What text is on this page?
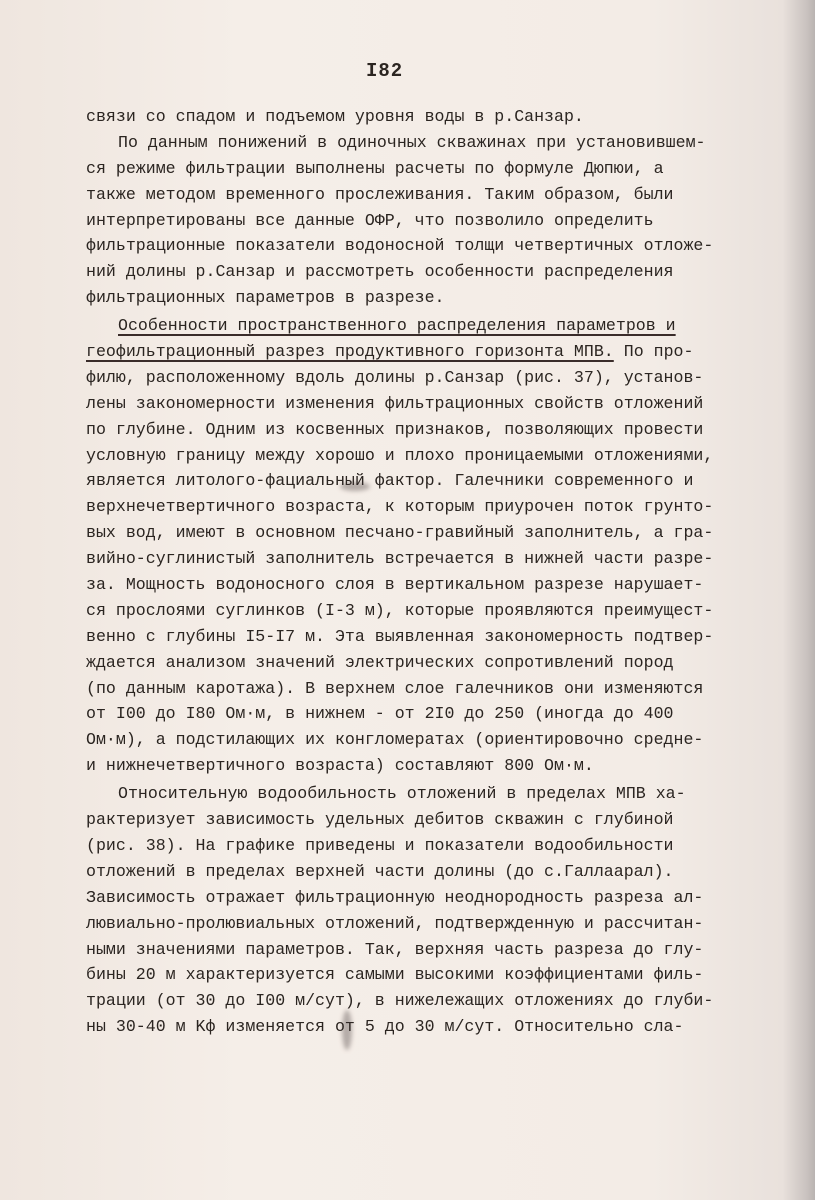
I82
связи со спадом и подъемом уровня воды в р.Санзар.
По данным понижений в одиночных скважинах при установившем-
ся режиме фильтрации выполнены расчеты по формуле Дюпюи, а
также методом временного прослеживания. Таким образом, были
интерпретированы все данные ОФР, что позволило определить
фильтрационные показатели водоносной толщи четвертичных отложе-
ний долины р.Санзар и рассмотреть особенности распределения
фильтрационных параметров в разрезе.
Особенности пространственного распределения параметров и
геофильтрационный разрез продуктивного горизонта МПВ. По про-
филю, расположенному вдоль долины р.Санзар (рис. 37), установ-
лены закономерности изменения фильтрационных свойств отложений
по глубине. Одним из косвенных признаков, позволяющих провести
условную границу между хорошо и плохо проницаемыми отложениями,
является литолого-фациальный фактор. Галечники современного и
верхнечетвертичного возраста, к которым приурочен поток грунто-
вых вод, имеют в основном песчано-гравийный заполнитель, а гра-
вийно-суглинистый заполнитель встречается в нижней части разре-
за. Мощность водоносного слоя в вертикальном разрезе нарушает-
ся прослоями суглинков (I-3 м), которые проявляются преимущест-
венно с глубины I5-I7 м. Эта выявленная закономерность подтвер-
ждается анализом значений электрических сопротивлений пород
(по данным каротажа). В верхнем слое галечников они изменяются
от I00 до I80 Ом·м, в нижнем - от 2I0 до 250 (иногда до 400
Ом·м), а подстилающих их конгломератах (ориентировочно средне-
и нижнечетвертичного возраста) составляют 800 Ом·м.
Относительную водообильность отложений в пределах МПВ ха-
рактеризует зависимость удельных дебитов скважин с глубиной
(рис. 38). На графике приведены и показатели водообильности
отложений в пределах верхней части долины (до с.Галлаарал).
Зависимость отражает фильтрационную неоднородность разреза ал-
лювиально-пролювиальных отложений, подтвержденную и рассчитан-
ными значениями параметров. Так, верхняя часть разреза до глу-
бины 20 м характеризуется самыми высокими коэффициентами филь-
трации (от 30 до I00 м/сут), в нижележащих отложениях до глуби-
ны 30-40 м Kф изменяется от 5 до 30 м/сут. Относительно сла-
